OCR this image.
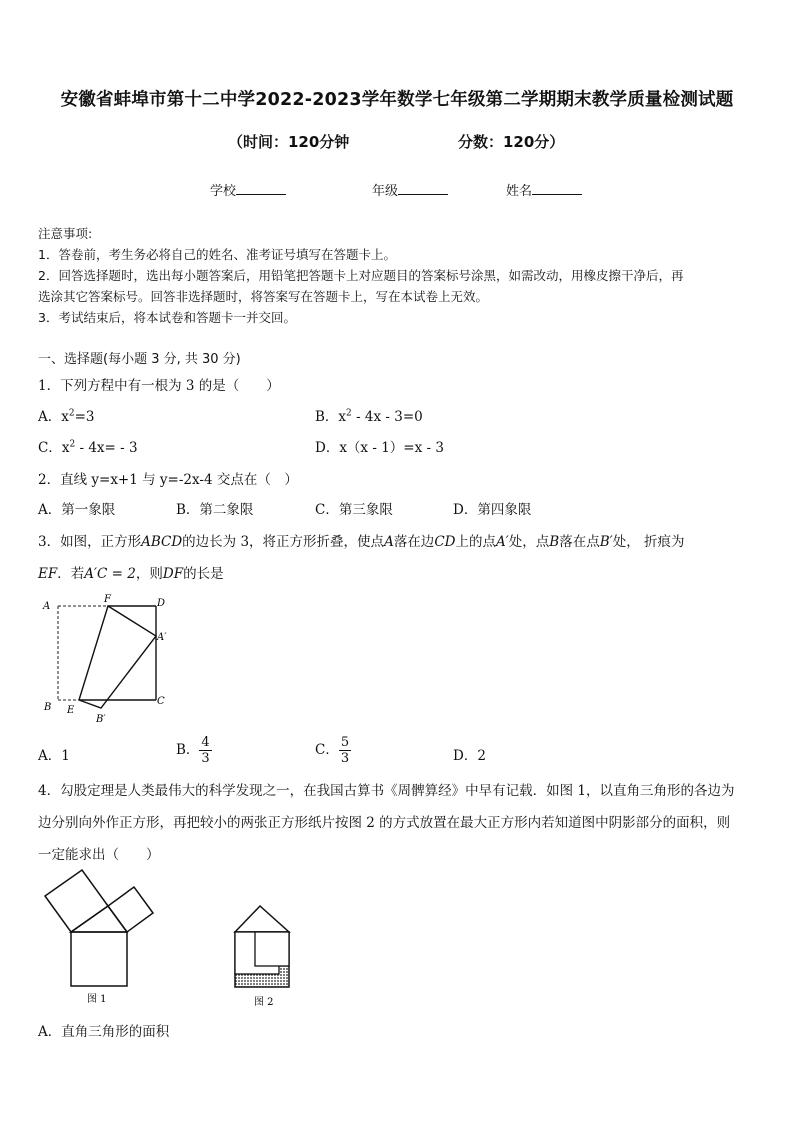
安徽省蚌埠市第十二中学2022-2023学年数学七年级第二学期期末教学质量检测试题
（时间：120分钟	分数：120分）
学校	年级	姓名
注意事项:
1．答卷前，考生务必将自己的姓名、准考证号填写在答题卡上。
2．回答选择题时，选出每小题答案后，用铅笔把答题卡上对应题目的答案标号涂黑，如需改动，用橡皮擦干净后，再
选涂其它答案标号。回答非选择题时，将答案写在答题卡上，写在本试卷上无效。
3．考试结束后，将本试卷和答题卡一并交回。
一、选择题(每小题 3 分, 共 30 分)
1．下列方程中有一根为 3 的是（　　）
A．$x^2=3$	B．$x^2 - 4x - 3=0$
C．$x^2 - 4x= - 3$	D．x（x - 1）=x - 3
2．直线 y=x+1 与 y=-2x-4 交点在（　）
A．第一象限	B．第二象限	C．第三象限	D．第四象限
3．如图，正方形ABCD的边长为 3，将正方形折叠，使点A落在边CD上的点A′处，点B落在点B′处， 折痕为
EF．若A′C = 2，则DF的长是
A
F	D
A′
B E
B′
C
A．1	B． $\frac{4}{3}$	C． $\frac{5}{3}$	D．2
4．勾股定理是人类最伟大的科学发现之一，在我国古算书《周髀算经》中早有记载．如图 1，以直角三角形的各边为
边分别向外作正方形，再把较小的两张正方形纸片按图 2 的方式放置在最大正方形内若知道图中阴影部分的面积，则
一定能求出（　　）
图 1	图 2
A．直角三角形的面积
